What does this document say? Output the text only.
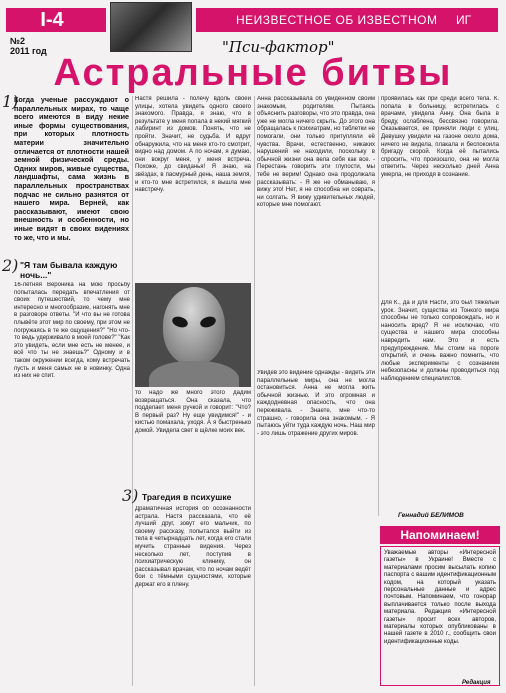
I-4	НЕИЗВЕСТНОЕ ОБ ИЗВЕСТНОМ ИГ
№2
2011 год	"Пси-фактор"
Астральные битвы
1)
Когда ученые рассуждают о параллельных мирах, то чаще всего имеются в виду некие иные формы существования, при которых плотность материи значительно отличается от плотности нашей земной физической среды. Одних миров, живые существа, ландшафты, сама жизнь в параллельных пространствах подчас не сильно разнятся от нашего мира. Верней, как рассказывают, имеют свою внешность и особенности, но иные видят в своих видениях то же, что и мы.
2) "Я там бывала каждую ночь..."
16-летняя Вероника на мою просьбу попыталась передать впечатления от своих путешествий, то чему мне интересно и многообразие, нагонять мне в разговоре ответы. "И что вы не готова плывёте этот мир по своему, при этом не погружаясь в те же ощущения?" "Но что-то ведь удерживало в моей голове?" "Как это увидеть, если мне есть не менее, и всё что ты не знаешь?" Одному и в таком окружении всегда, кому встречать пусть и меня самых не в новинку. Одна из них не спит.
Настя решила - полечу вдоль своей улицы, хотела увидеть одного своего знакомого. Правда, я знаю, что в результате у меня попала в некий мягкий лабиринт из домов. Понять, что не пройти. Значит, не судьба. И вдруг обнаружила, что на меня кто-то смотрит, видно над домом. А по ночам, я думаю, они вокруг меня, у меня встреча. Похоже, до свиданья! Я знаю, на звёздах, в пасмурный день, наша земля, и кто-то мне встретился, я вышла мне навстречу.
то надо же много этого дадим возвращаться. Она сказала, что подделает меня ручкой и говорит: "Что? В первый раз? Ну еще увидимся!" - и кистью помахала, уходя. А я быстренько домой. Увидела свет в щёлке моих век.
3) Трагедия в психушке
Драматичная история об осознанности астрала. Настя рассказала, что её лучший друг, зовут его мальчик, по своему рассказу, попытался выйти из тела в четырнадцать лет, когда его стали мучить странные видения. Через несколько лет, поступив в психиатрическую клинику, он рассказывал врачам, что по ночам ведёт бои с тёмными сущностями, которые держат его в плену.
Анна рассказывала об увиденном своим знакомым, родителям. Пытаясь объяснить разговоры, что это правда, она уже не могла ничего скрыть. До этого она обращалась к психиатрам, но таблетки не помогали, они только притупляли её чувства. Врачи, естественно, никаких нарушений не находили, поскольку в обычной жизни она вела себя как все. - Перестань говорить эти глупости, мы тебе не верим! Однако она продолжала рассказывать: - Я же не обманываю, я вижу это! Нет, я не способна ни соврать, ни солгать. Я вижу удивительных людей, которые мне помогают.
Увидев это видение однажды - видеть эти параллельные миры, она не могла остановиться. Анна не могла жить обычной жизнью. И это огромная и каждодневная опасность, что она переживала. - Знаете, мне что-то страшно, - говорила она знакомым. - Я пытаюсь уйти туда каждую ночь. Наш мир - это лишь отражение других миров.
проявилась как при среди всего тела. К. попала в больницу, встретилась с врачами, увидела Анну. Она была в бреду, ослаблена, бессвязно говорила. Оказывается, ее приняли люди с улиц. Девушку увидели на газоне около дома, ничего не видела, плакала и беспокоила бригаду скорой. Когда её пытались спросить, что произошло, она не могла ответить. Через несколько дней Анна умерла, не приходя в сознание.
Для К., да и для Насти, это был тяжелый урок. Значит, существа из Тонкого мира способны не только сопровождать, но и наносить вред? Я не исключаю, что существа и нашего мира способны навредить нам. Это и есть предупреждение. Мы стоим на пороге открытий, и очень важно помнить, что любые эксперименты с сознанием небезопасны и должны проводиться под наблюдением специалистов.
Геннадий БЕЛИМОВ
Напоминаем!
Уважаемые авторы «Интересной газеты» в Украине! Вместе с материалами просим высылать копию паспорта с вашим идентификационным кодом, на который указать персональные данные и адрес почтовым. Напоминаем, что гонорар выплачивается только после выхода материала. Редакция «Интересной газеты» просит всех авторов, материалы которых опубликованы в нашей газете в 2010 г., сообщить свои идентификационные коды.
Редакция
